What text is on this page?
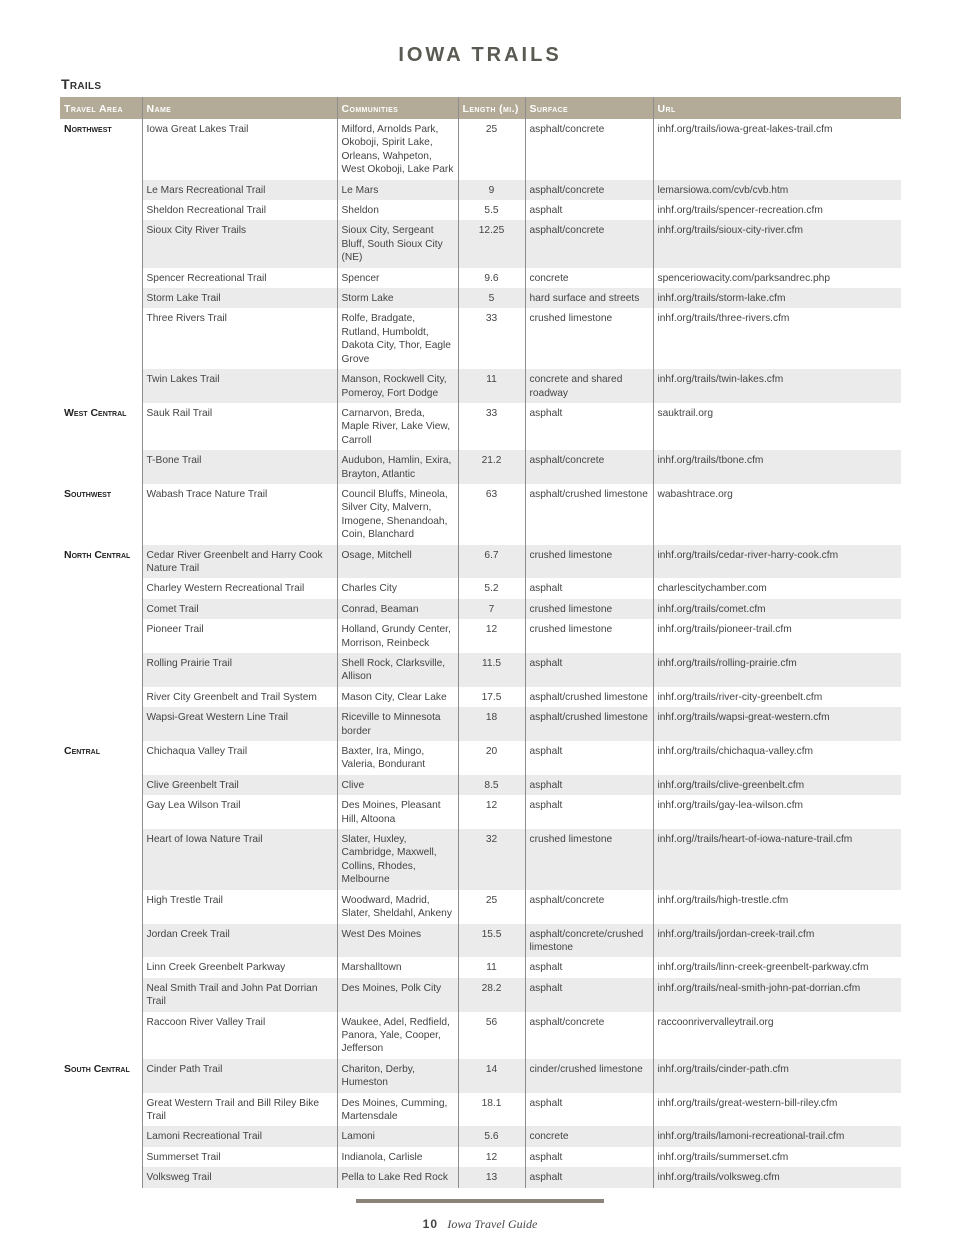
IOWA TRAILS
Trails
Travel Area	Name	Communities	Length (mi.)	Surface	Url
Northwest	Iowa Great Lakes Trail	Milford, Arnolds Park, Okoboji, Spirit Lake, Orleans, Wahpeton, West Okoboji, Lake Park	25	asphalt/concrete	inhf.org/trails/iowa-great-lakes-trail.cfm
	Le Mars Recreational Trail	Le Mars	9	asphalt/concrete	lemarsiowa.com/cvb/cvb.htm
	Sheldon Recreational Trail	Sheldon	5.5	asphalt	inhf.org/trails/spencer-recreation.cfm
	Sioux City River Trails	Sioux City, Sergeant Bluff, South Sioux City (NE)	12.25	asphalt/concrete	inhf.org/trails/sioux-city-river.cfm
	Spencer Recreational Trail	Spencer	9.6	concrete	spenceriowacity.com/parksandrec.php
	Storm Lake Trail	Storm Lake	5	hard surface and streets	inhf.org/trails/storm-lake.cfm
	Three Rivers Trail	Rolfe, Bradgate, Rutland, Humboldt, Dakota City, Thor, Eagle Grove	33	crushed limestone	inhf.org/trails/three-rivers.cfm
	Twin Lakes Trail	Manson, Rockwell City, Pomeroy, Fort Dodge	11	concrete and shared roadway	inhf.org/trails/twin-lakes.cfm
West Central	Sauk Rail Trail	Carnarvon, Breda, Maple River, Lake View, Carroll	33	asphalt	sauktrail.org
	T-Bone Trail	Audubon, Hamlin, Exira, Brayton, Atlantic	21.2	asphalt/concrete	inhf.org/trails/tbone.cfm
Southwest	Wabash Trace Nature Trail	Council Bluffs, Mineola, Silver City, Malvern, Imogene, Shenandoah, Coin, Blanchard	63	asphalt/crushed limestone	wabashtrace.org
North Central	Cedar River Greenbelt and Harry Cook Nature Trail	Osage, Mitchell	6.7	crushed limestone	inhf.org/trails/cedar-river-harry-cook.cfm
	Charley Western Recreational Trail	Charles City	5.2	asphalt	charlescitychamber.com
	Comet Trail	Conrad, Beaman	7	crushed limestone	inhf.org/trails/comet.cfm
	Pioneer Trail	Holland, Grundy Center, Morrison, Reinbeck	12	crushed limestone	inhf.org/trails/pioneer-trail.cfm
	Rolling Prairie Trail	Shell Rock, Clarksville, Allison	11.5	asphalt	inhf.org/trails/rolling-prairie.cfm
	River City Greenbelt and Trail System	Mason City, Clear Lake	17.5	asphalt/crushed limestone	inhf.org/trails/river-city-greenbelt.cfm
	Wapsi-Great Western Line Trail	Riceville to Minnesota border	18	asphalt/crushed limestone	inhf.org/trails/wapsi-great-western.cfm
Central	Chichaqua Valley Trail	Baxter, Ira, Mingo, Valeria, Bondurant	20	asphalt	inhf.org/trails/chichaqua-valley.cfm
	Clive Greenbelt Trail	Clive	8.5	asphalt	inhf.org/trails/clive-greenbelt.cfm
	Gay Lea Wilson Trail	Des Moines, Pleasant Hill, Altoona	12	asphalt	inhf.org/trails/gay-lea-wilson.cfm
	Heart of Iowa Nature Trail	Slater, Huxley, Cambridge, Maxwell, Collins, Rhodes, Melbourne	32	crushed limestone	inhf.org//trails/heart-of-iowa-nature-trail.cfm
	High Trestle Trail	Woodward, Madrid, Slater, Sheldahl, Ankeny	25	asphalt/concrete	inhf.org/trails/high-trestle.cfm
	Jordan Creek Trail	West Des Moines	15.5	asphalt/concrete/crushed limestone	inhf.org/trails/jordan-creek-trail.cfm
	Linn Creek Greenbelt Parkway	Marshalltown	11	asphalt	inhf.org/trails/linn-creek-greenbelt-parkway.cfm
	Neal Smith Trail and John Pat Dorrian Trail	Des Moines, Polk City	28.2	asphalt	inhf.org/trails/neal-smith-john-pat-dorrian.cfm
	Raccoon River Valley Trail	Waukee, Adel, Redfield, Panora, Yale, Cooper, Jefferson	56	asphalt/concrete	raccoonrivervalleytrail.org
South Central	Cinder Path Trail	Chariton, Derby, Humeston	14	cinder/crushed limestone	inhf.org/trails/cinder-path.cfm
	Great Western Trail and Bill Riley Bike Trail	Des Moines, Cumming, Martensdale	18.1	asphalt	inhf.org/trails/great-western-bill-riley.cfm
	Lamoni Recreational Trail	Lamoni	5.6	concrete	inhf.org/trails/lamoni-recreational-trail.cfm
	Summerset Trail	Indianola, Carlisle	12	asphalt	inhf.org/trails/summerset.cfm
	Volksweg Trail	Pella to Lake Red Rock	13	asphalt	inhf.org/trails/volksweg.cfm
10 Iowa Travel Guide
